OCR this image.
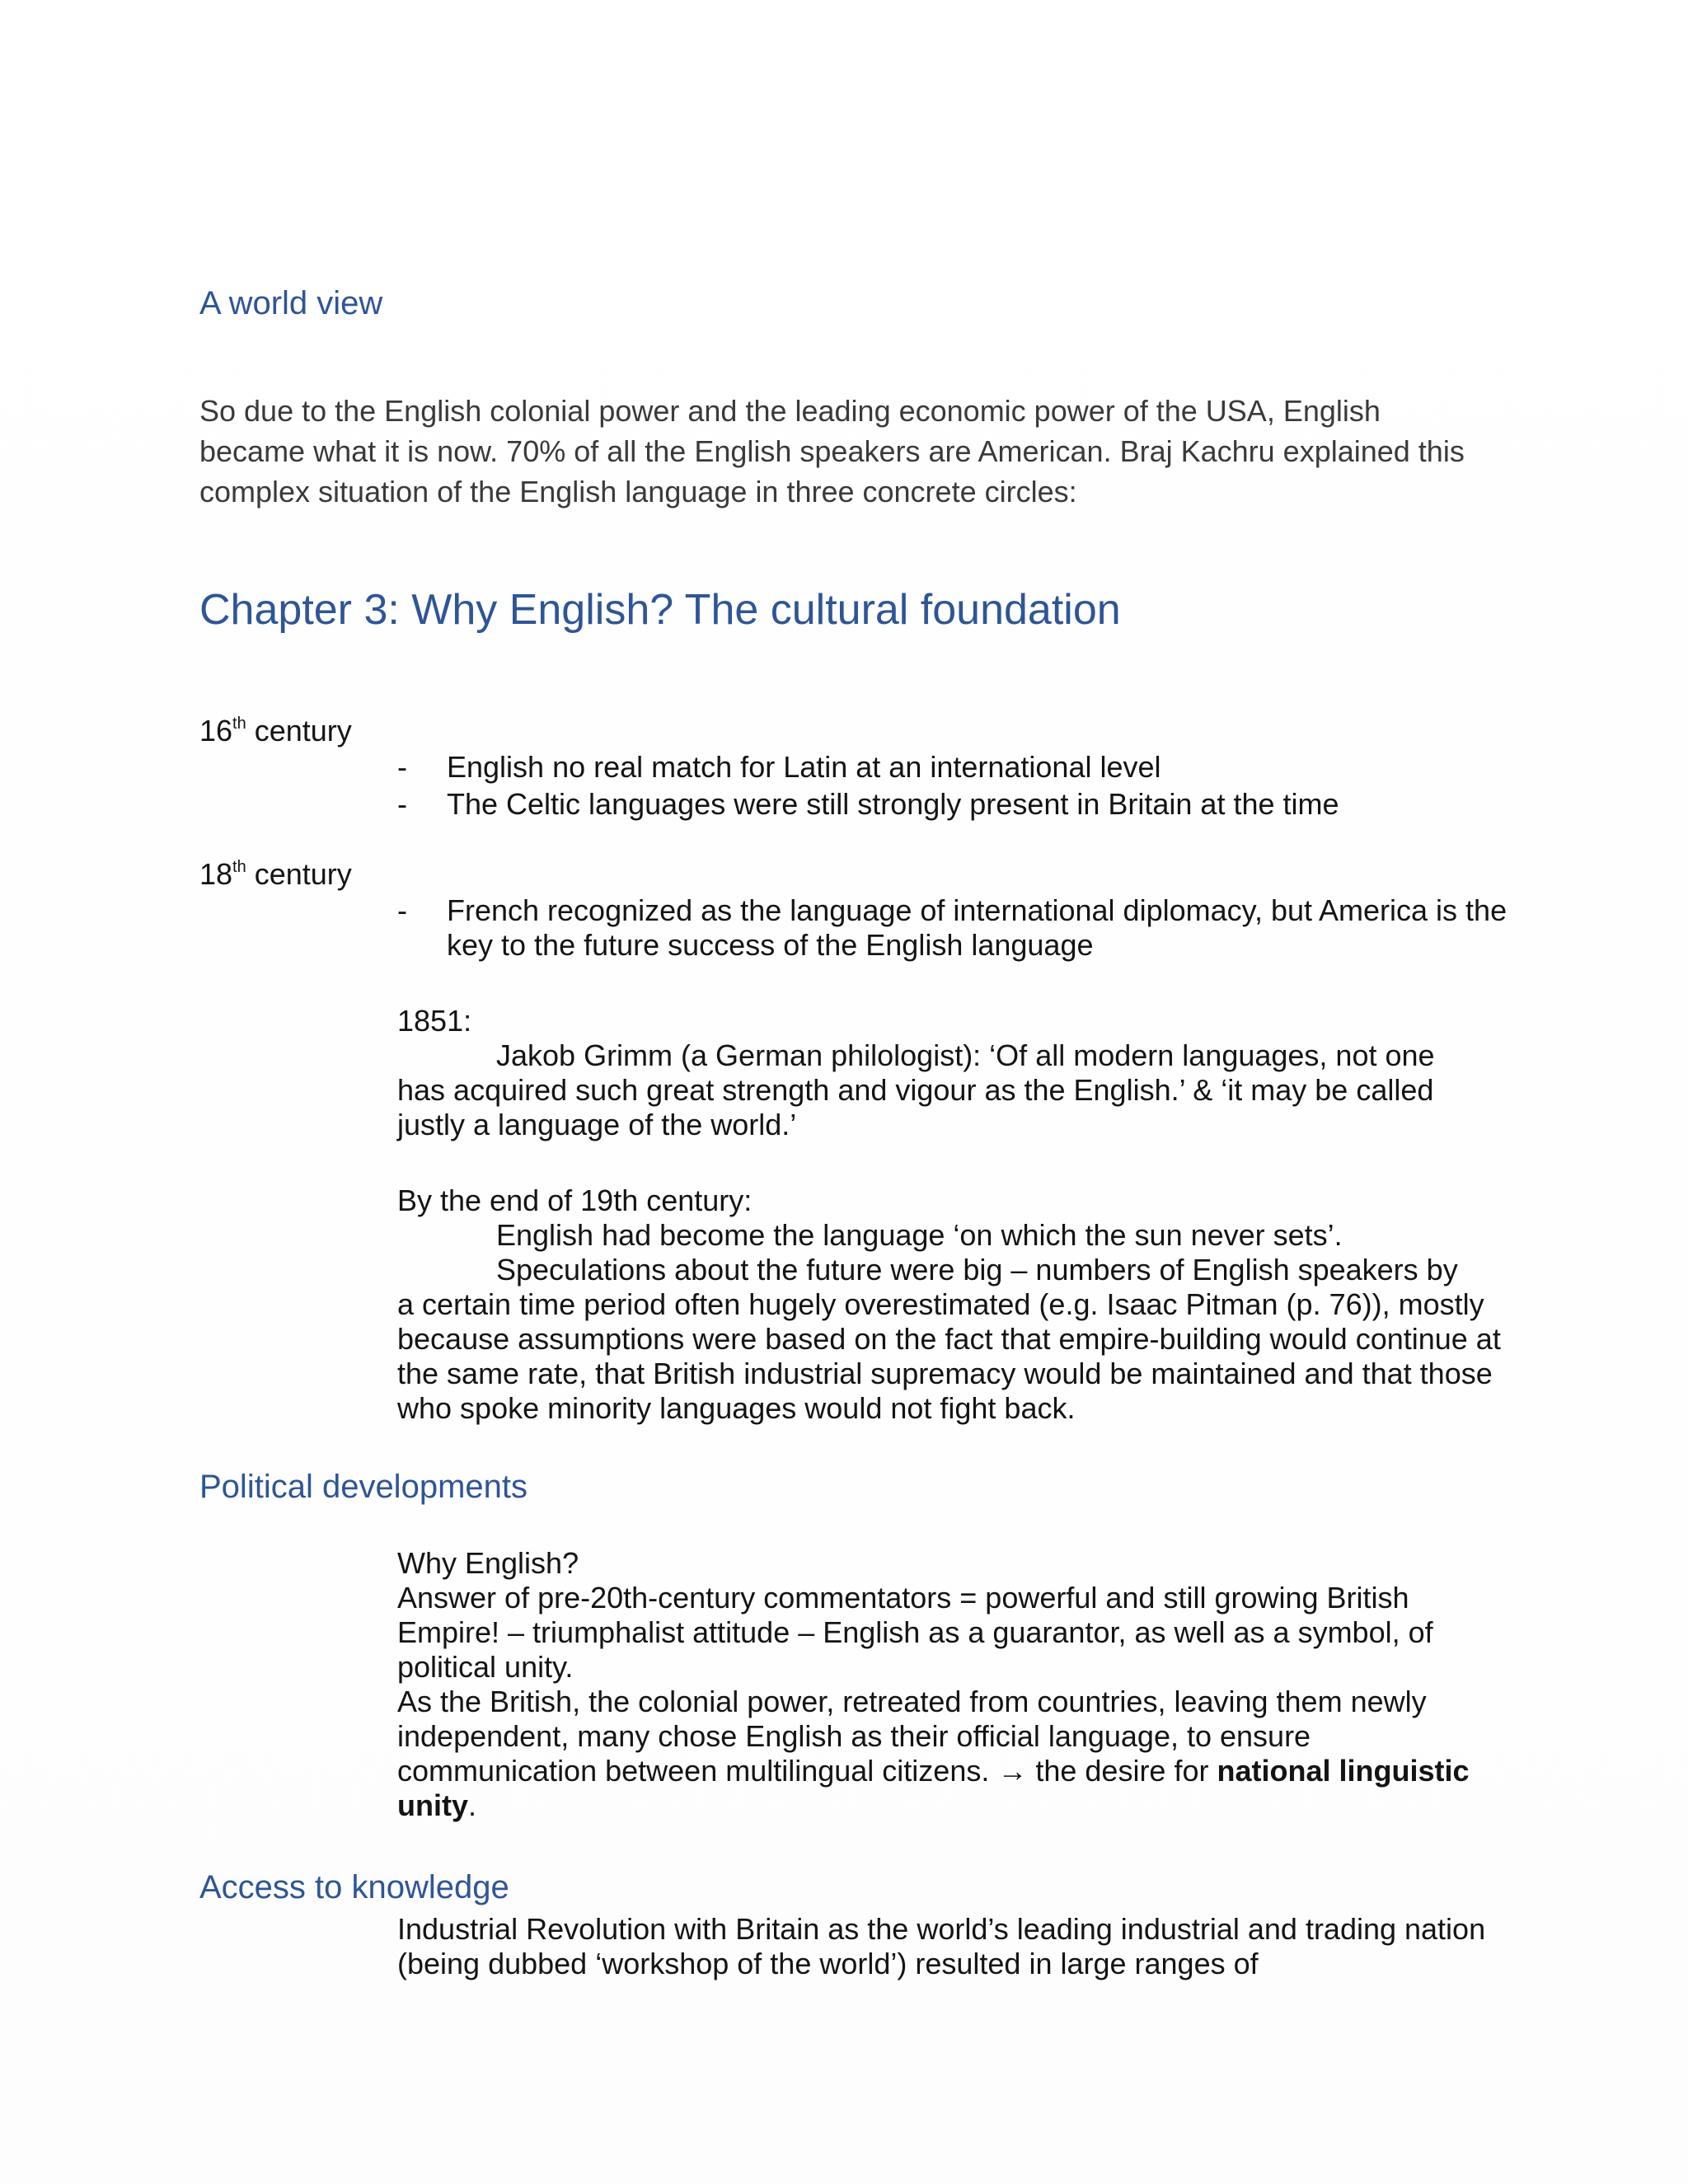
A world view
So due to the English colonial power and the leading economic power of the USA, English became what it is now. 70% of all the English speakers are American. Braj Kachru explained this complex situation of the English language in three concrete circles:
Chapter 3: Why English? The cultural foundation
16th century
- English no real match for Latin at an international level
- The Celtic languages were still strongly present in Britain at the time
18th century
- French recognized as the language of international diplomacy, but America is the key to the future success of the English language
1851:
Jakob Grimm (a German philologist): ‘Of all modern languages, not one
has acquired such great strength and vigour as the English.’ & ‘it may be called justly a language of the world.’
By the end of 19th century:
English had become the language ‘on which the sun never sets’.
Speculations about the future were big – numbers of English speakers by
a certain time period often hugely overestimated (e.g. Isaac Pitman (p. 76)), mostly because assumptions were based on the fact that empire-building would continue at the same rate, that British industrial supremacy would be maintained and that those who spoke minority languages would not fight back.
Political developments
Why English?
Answer of pre-20th-century commentators = powerful and still growing British Empire! – triumphalist attitude – English as a guarantor, as well as a symbol, of political unity.
As the British, the colonial power, retreated from countries, leaving them newly independent, many chose English as their official language, to ensure communication between multilingual citizens. → the desire for national linguistic unity.
Access to knowledge
Industrial Revolution with Britain as the world’s leading industrial and trading nation (being dubbed ‘workshop of the world’) resulted in large ranges of
